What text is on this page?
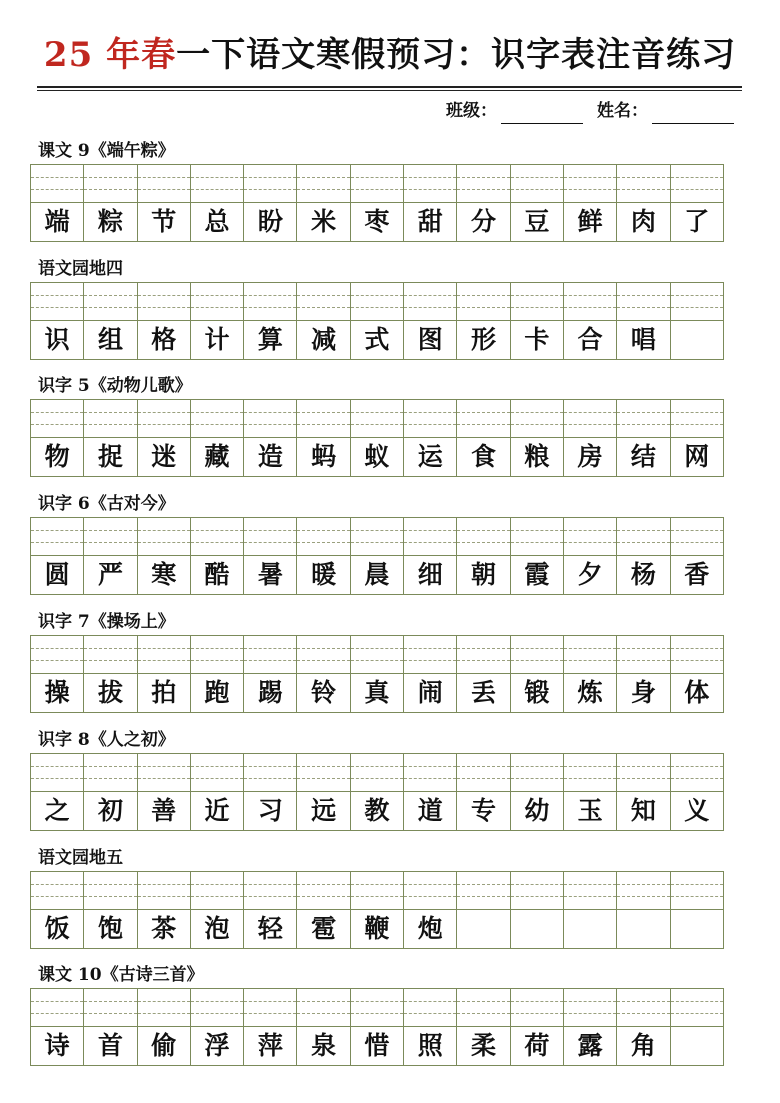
25 年春一下语文寒假预习：识字表注音练习
班级：	姓名：
课文 9《端午粽》
端	粽	节	总	盼	米	枣	甜	分	豆	鲜	肉	了
语文园地四
识	组	格	计	算	减	式	图	形	卡	合	唱
识字 5《动物儿歌》
物	捉	迷	藏	造	蚂	蚁	运	食	粮	房	结	网
识字 6《古对今》
圆	严	寒	酷	暑	暖	晨	细	朝	霞	夕	杨	香
识字 7《操场上》
操	拔	拍	跑	踢	铃	真	闹	丢	锻	炼	身	体
识字 8《人之初》
之	初	善	近	习	远	教	道	专	幼	玉	知	义
语文园地五
饭	饱	茶	泡	轻	雹	鞭	炮
课文 10《古诗三首》
诗	首	偷	浮	萍	泉	惜	照	柔	荷	露	角
